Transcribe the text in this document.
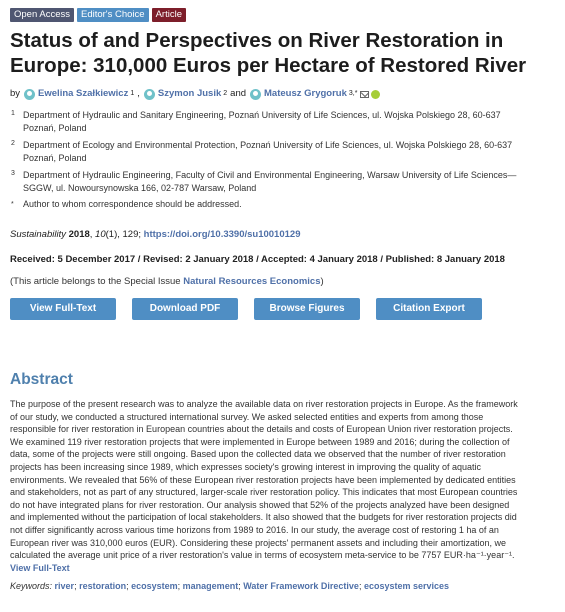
Open Access	Editor's Choice	Article
Status of and Perspectives on River Restoration in Europe: 310,000 Euros per Hectare of Restored River
by Ewelina Szałkiewicz 1 , Szymon Jusik 2 and Mateusz Grygoruk 3,*
1 Department of Hydraulic and Sanitary Engineering, Poznań University of Life Sciences, ul. Wojska Polskiego 28, 60-637 Poznań, Poland
2 Department of Ecology and Environmental Protection, Poznań University of Life Sciences, ul. Wojska Polskiego 28, 60-637 Poznań, Poland
3 Department of Hydraulic Engineering, Faculty of Civil and Environmental Engineering, Warsaw University of Life Sciences—SGGW, ul. Nowoursynowska 166, 02-787 Warsaw, Poland
*	Author to whom correspondence should be addressed.
Sustainability 2018, 10(1), 129; https://doi.org/10.3390/su10010129
Received: 5 December 2017 / Revised: 2 January 2018 / Accepted: 4 January 2018 / Published: 8 January 2018
(This article belongs to the Special Issue Natural Resources Economics)
View Full-Text	Download PDF	Browse Figures	Citation Export
Abstract
The purpose of the present research was to analyze the available data on river restoration projects in Europe. As the framework
of our study, we conducted a structured international survey. We asked selected entities and experts from among those
responsible for river restoration in European countries about the details and costs of European Union river restoration projects.
We examined 119 river restoration projects that were implemented in Europe between 1989 and 2016; during the collection of
data, some of the projects were still ongoing. Based upon the collected data we observed that the number of river restoration
projects has been increasing since 1989, which expresses society's growing interest in improving the quality of aquatic
environments. We revealed that 56% of these European river restoration projects have been implemented by dedicated entities
and stakeholders, not as part of any structured, larger-scale river restoration policy. This indicates that most European countries
do not have integrated plans for river restoration. Our analysis showed that 52% of the projects analyzed have been designed
and implemented without the participation of local stakeholders. It also showed that the budgets for river restoration projects did
not differ significantly across various time horizons from 1989 to 2016. In our study, the average cost of restoring 1 ha of an
European river was 310,000 euros (EUR). Considering these projects' permanent assets and including their amortization, we
calculated the average unit price of a river restoration's value in terms of ecosystem meta-service to be 7757 EUR·ha⁻¹·year⁻¹.
View Full-Text
Keywords: river; restoration; ecosystem; management; Water Framework Directive; ecosystem services
